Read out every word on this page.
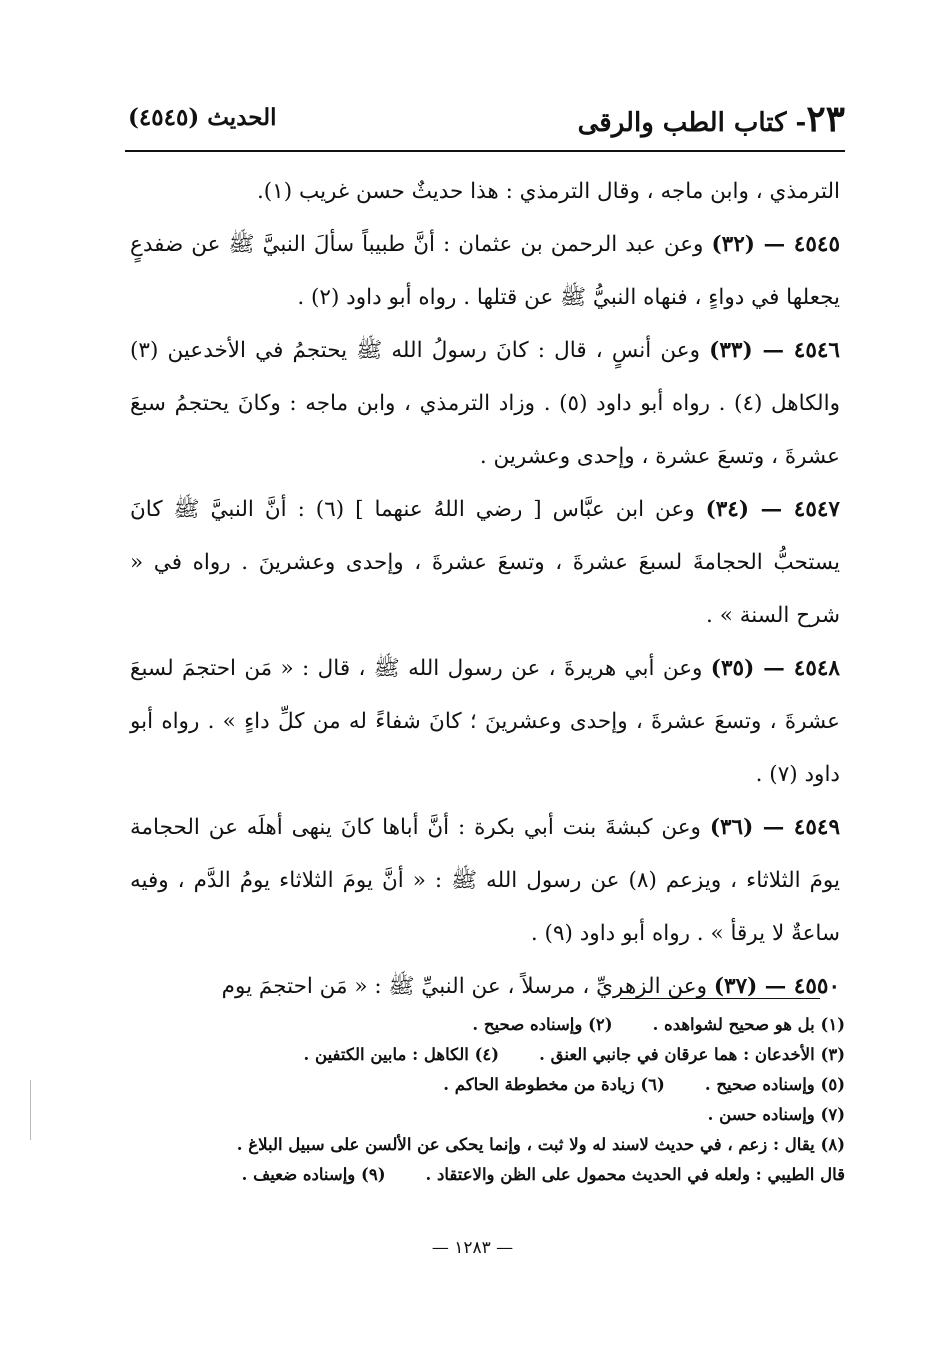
٢٣- كتاب الطب والرقى
الحديث (٤٥٤٥)

الترمذي ، وابن ماجه ، وقال الترمذي : هذا حديثٌ حسن غريب (١).

٤٥٤٥ — (٣٢) وعن عبد الرحمن بن عثمان : أنَّ طبيباً سألَ النبيَّ ﷺ عن ضفدعٍ يجعلها في دواءٍ ، فنهاه النبيُّ ﷺ عن قتلها . رواه أبو داود (٢) .

٤٥٤٦ — (٣٣) وعن أنسٍ ، قال : كانَ رسولُ الله ﷺ يحتجمُ في الأخدعين (٣) والكاهل (٤) . رواه أبو داود (٥) . وزاد الترمذي ، وابن ماجه : وكانَ يحتجمُ سبعَ عشرةَ ، وتسعَ عشرة ، وإحدى وعشرين .

٤٥٤٧ — (٣٤) وعن ابن عبَّاس [ رضي اللهُ عنهما ] (٦) : أنَّ النبيَّ ﷺ كانَ يستحبُّ الحجامةَ لسبعَ عشرةَ ، وتسعَ عشرةَ ، وإحدى وعشرينَ . رواه في « شرح السنة » .

٤٥٤٨ — (٣٥) وعن أبي هريرةَ ، عن رسول الله ﷺ ، قال : « مَن احتجمَ لسبعَ عشرةَ ، وتسعَ عشرةَ ، وإحدى وعشرينَ ؛ كانَ شفاءً له من كلِّ داءٍ » . رواه أبو داود (٧) .

٤٥٤٩ — (٣٦) وعن كبشةَ بنت أبي بكرة : أنَّ أباها كانَ ينهى أهلَه عن الحجامة يومَ الثلاثاء ، ويزعم (٨) عن رسول الله ﷺ : « أنَّ يومَ الثلاثاء يومُ الدَّم ، وفيه ساعةٌ لا يرقأ » . رواه أبو داود (٩) .

٤٥٥٠ — (٣٧) وعن الزهريِّ ، مرسلاً ، عن النبيِّ ﷺ : « مَن احتجمَ يوم

(١) بل هو صحيح لشواهده .
(٢) وإسناده صحيح .
(٣) الأخدعان : هما عرقان في جانبي العنق .
(٤) الكاهل : مابين الكتفين .
(٥) وإسناده صحيح .
(٦) زيادة من مخطوطة الحاكم .
(٧) وإسناده حسن .
(٨) يقال : زعم ، في حديث لاسند له ولا ثبت ، وإنما يحكى عن الألسن على سبيل البلاغ .
قال الطيبي : ولعله في الحديث محمول على الظن والاعتقاد .
(٩) وإسناده ضعيف .
— ١٢٨٣ —
